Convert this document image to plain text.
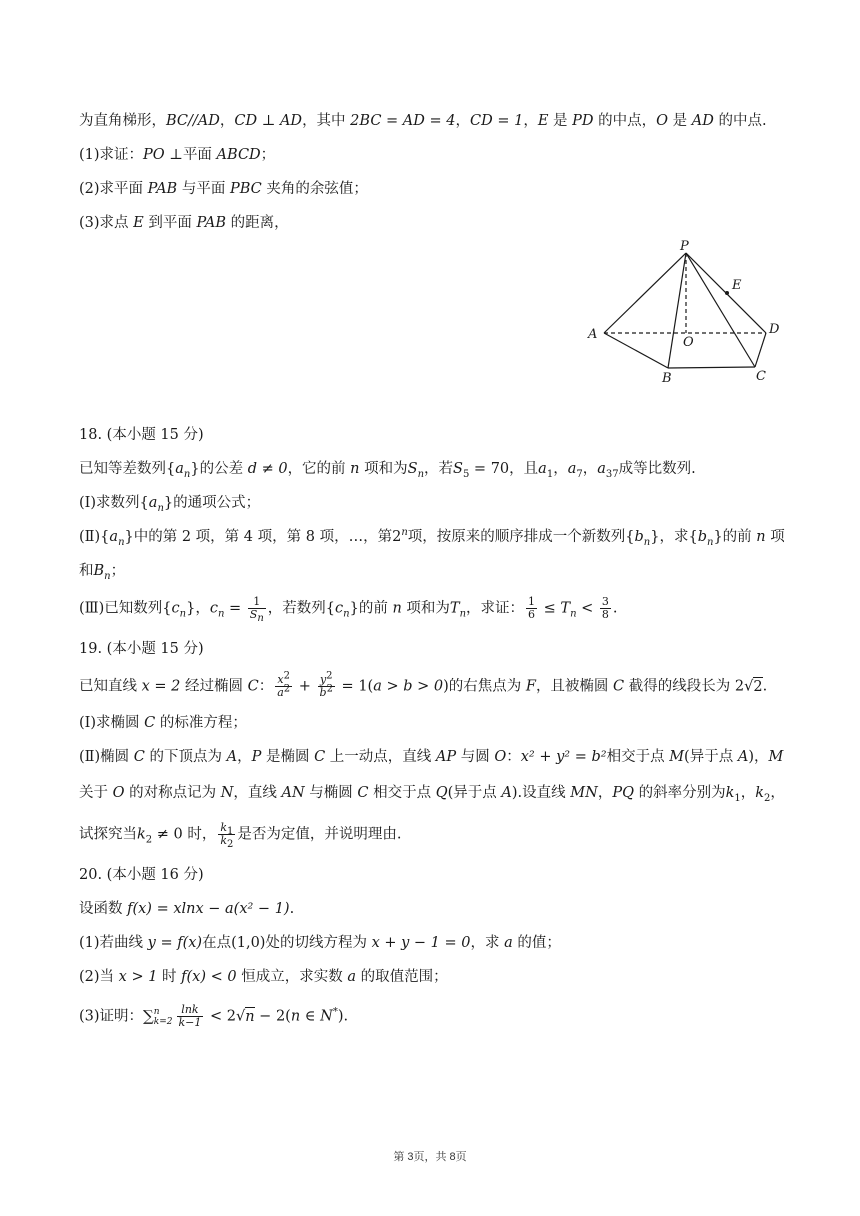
为直角梯形，BC//AD，CD ⊥ AD，其中 2BC = AD = 4，CD = 1，E 是 PD 的中点，O 是 AD 的中点.
(1)求证：PO ⊥平面 ABCD；
(2)求平面 PAB 与平面 PBC 夹角的余弦值；
(3)求点 E 到平面 PAB 的距离，
P
E
A
O
D
B	C
18. (本小题 15 分)
已知等差数列$\{a_n\}$的公差 d ≠ 0，它的前 n 项和为$S_n$，若$S_5 = 70$，且$a_1$，$a_7$，$a_{37}$成等比数列.
(Ⅰ)求数列$\{a_n\}$的通项公式；
$(Ⅱ)\{a_n\}$中的第 2 项，第 4 项，第 8 项，…，第2$^n$项，按原来的顺序排成一个新数列$\{b_n\}$，求$\{b_n\}$的前 n 项
和$B_n$；
(Ⅲ)已知数列$\{c_n\}$，$c_n = \frac{1}{S_n}$ ，若数列$\{c_n\}$的前 n 项和为$T_n$，求证： $\frac{1}{6} \le T_n < \frac{3}{8}$ .
19. (本小题 15 分)
已知直线 x = 2 经过椭圆 C： $\frac{x^2}{a^2} + \frac{y^2}{b^2} = 1(a > b > 0)$的右焦点为 F，且被椭圆 C 截得的线段长为 2√2.
(Ⅰ)求椭圆 C 的标准方程；
(Ⅱ)椭圆 C 的下顶点为 A，P 是椭圆 C 上一动点，直线 AP 与圆 O：x² + y² = b²相交于点 M(异于点 A)，M
关于 O 的对称点记为 N，直线 AN 与椭圆 C 相交于点 Q(异于点 A).设直线 MN，PQ 的斜率分别为$k_1$，$k_2$，
试探究当$k_2 \ne 0$ 时， $\frac{k_1}{k_2}$ 是否为定值，并说明理由.
20. (本小题 16 分)
设函数 f(x) = xlnx − a(x² − 1).
(1)若曲线 y = f(x)在点(1,0)处的切线方程为 x + y − 1 = 0，求 a 的值；
(2)当 x > 1 时 f(x) < 0 恒成立，求实数 a 的取值范围；
(3)证明：∑ n
$k=2 \frac{\ln k}{k-1} < 2√n - 2(n$ ∈ N*).
第 3页，共 8页
